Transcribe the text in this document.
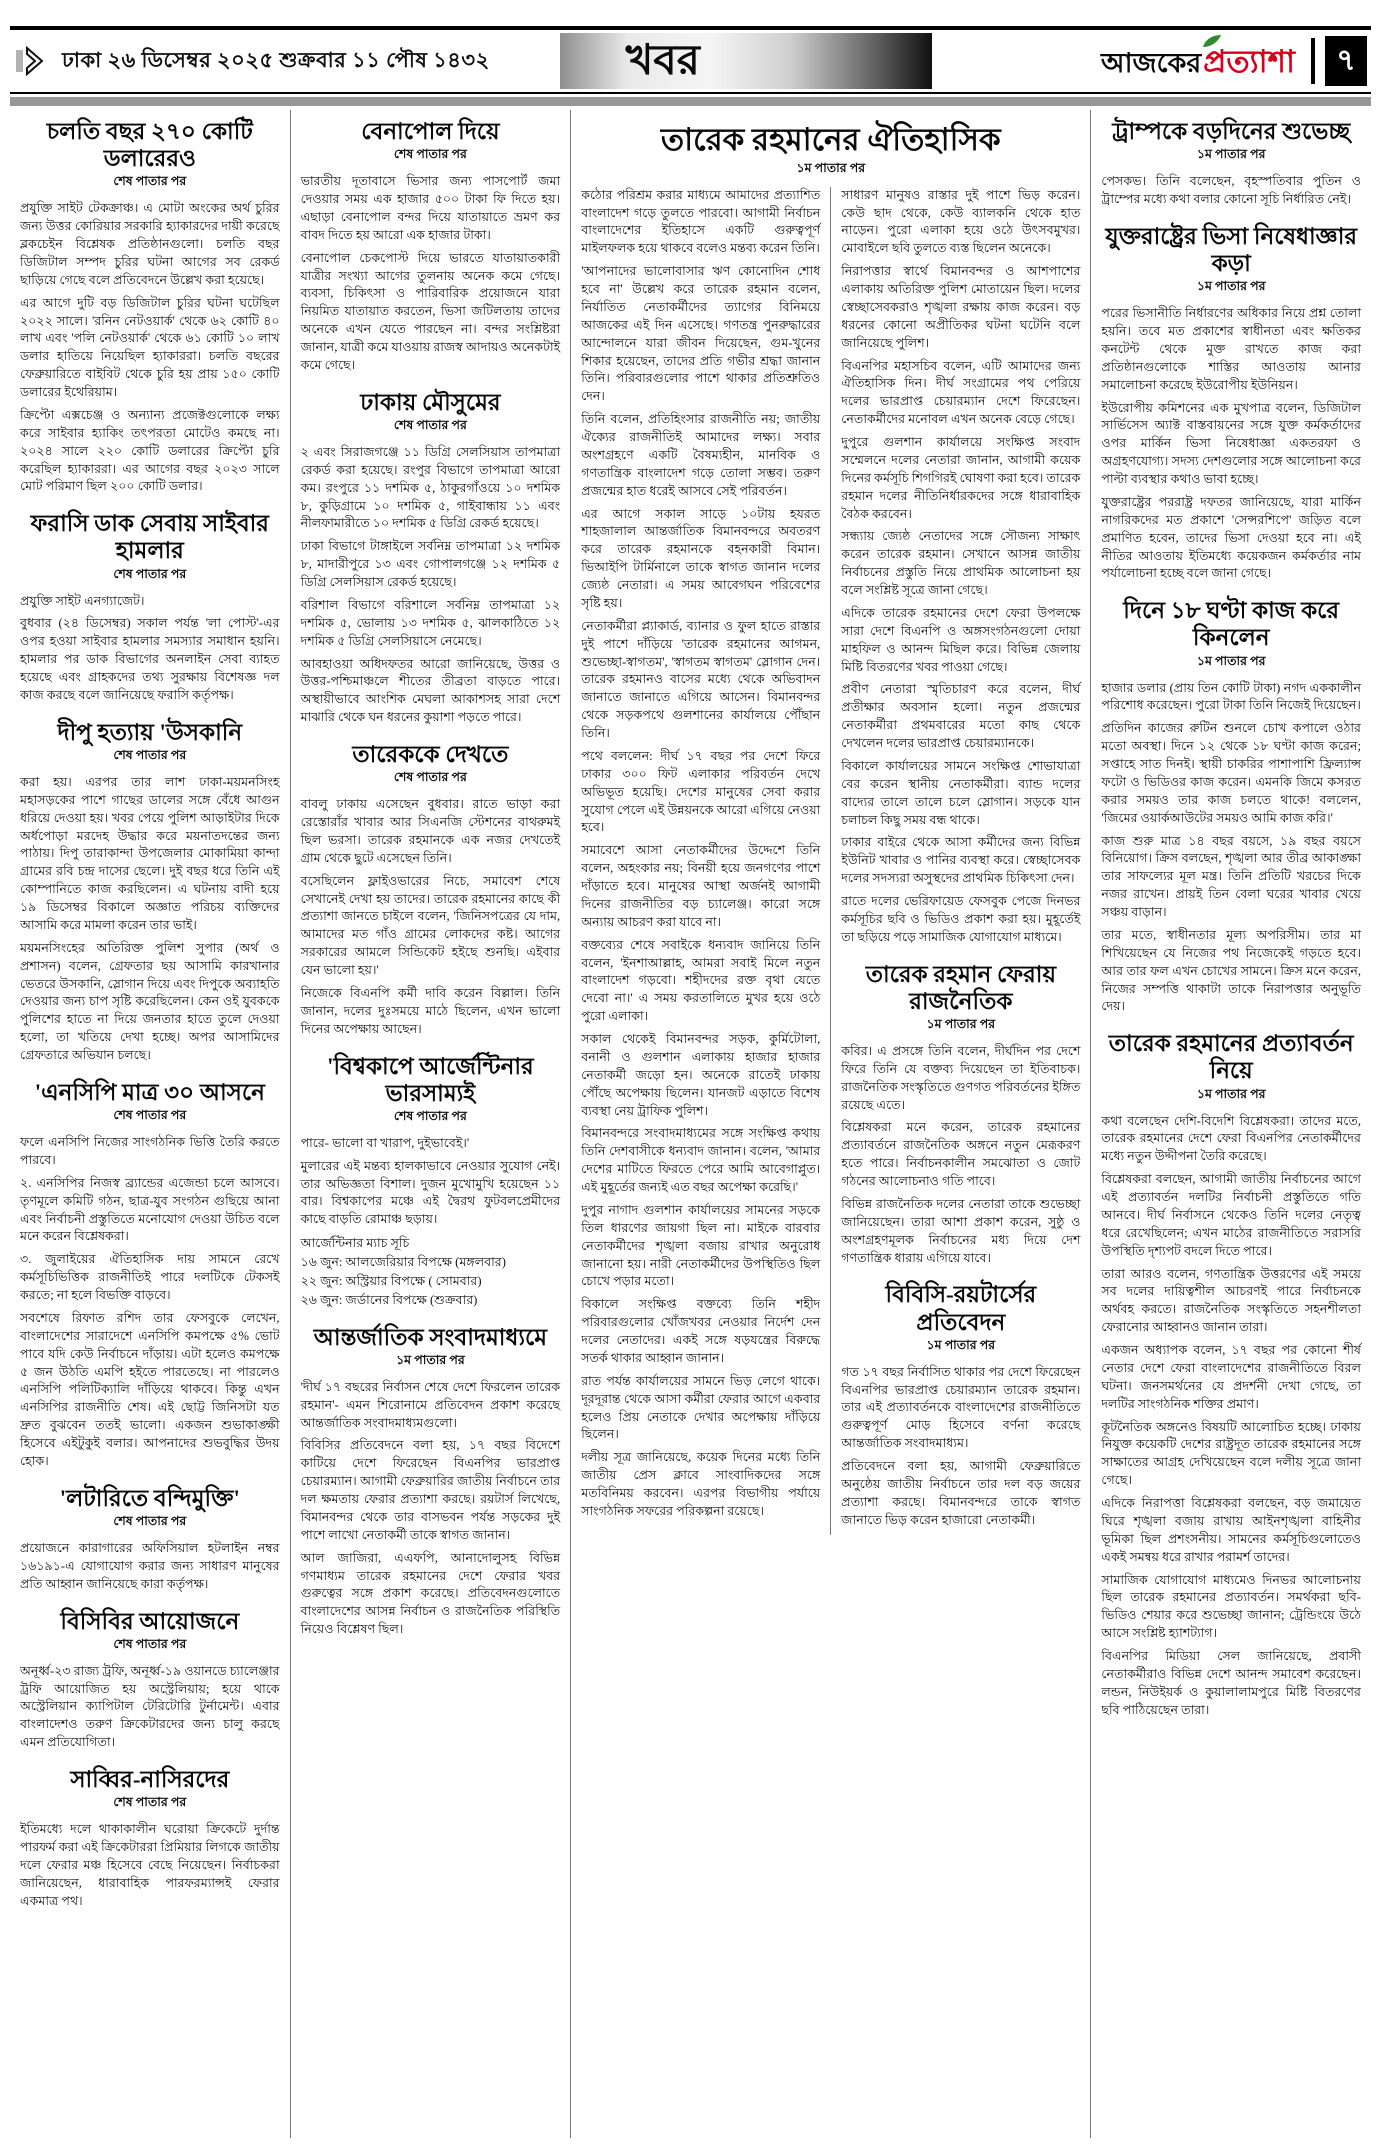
ঢাকা ২৬ ডিসেম্বর ২০২৫ শুক্রবার ১১ পৌষ ১৪৩২	খবর	আজকেরপ্রত্যাশা	৭
চলতি বছর ২৭০ কোটি ডলারেরও
শেষ পাতার পর

প্রযুক্তি সাইট টেকক্রাঞ্চ। এ মোটা অংকের অর্থ চুরির জন্য উত্তর কোরিয়ার সরকারি হ্যাকারদের দায়ী করেছে ব্লকচেইন বিশ্লেষক প্রতিষ্ঠানগুলো। চলতি বছর ডিজিটাল সম্পদ চুরির ঘটনা আগের সব রেকর্ড ছাড়িয়ে গেছে বলে প্রতিবেদনে উল্লেখ করা হয়েছে।

এর আগে দুটি বড় ডিজিটাল চুরির ঘটনা ঘটেছিল ২০২২ সালে। 'রনিন নেটওয়ার্ক' থেকে ৬২ কোটি ৪০ লাখ এবং 'পলি নেটওয়ার্ক' থেকে ৬১ কোটি ১০ লাখ ডলার হাতিয়ে নিয়েছিল হ্যাকাররা। চলতি বছরের ফেব্রুয়ারিতে বাইবিট থেকে চুরি হয় প্রায় ১৫০ কোটি ডলারের ইথেরিয়াম।

ক্রিপ্টো এক্সচেঞ্জ ও অন্যান্য প্রজেক্টগুলোকে লক্ষ্য করে সাইবার হ্যাকিং তৎপরতা মোটেও কমছে না। ২০২৪ সালে ২২০ কোটি ডলারের ক্রিপ্টো চুরি করেছিল হ্যাকাররা। এর আগের বছর ২০২৩ সালে মোট পরিমাণ ছিল ২০০ কোটি ডলার।

ফরাসি ডাক সেবায় সাইবার হামলার
শেষ পাতার পর

প্রযুক্তি সাইট এনগ্যাজেট।

বুধবার (২৪ ডিসেম্বর) সকাল পর্যন্ত 'লা পোস্ট'-এর ওপর হওয়া সাইবার হামলার সমস্যার সমাধান হয়নি। হামলার পর ডাক বিভাগের অনলাইন সেবা ব্যাহত হয়েছে এবং গ্রাহকদের তথ্য সুরক্ষায় বিশেষজ্ঞ দল কাজ করছে বলে জানিয়েছে ফরাসি কর্তৃপক্ষ।

দীপু হত্যায় 'উসকানি
শেষ পাতার পর

করা হয়। এরপর তার লাশ ঢাকা-ময়মনসিংহ মহাসড়কের পাশে গাছের ডালের সঙ্গে বেঁধে আগুন ধরিয়ে দেওয়া হয়। খবর পেয়ে পুলিশ আড়াইটার দিকে অর্ধপোড়া মরদেহ উদ্ধার করে ময়নাতদন্তের জন্য পাঠায়। দিপু তারাকান্দা উপজেলার মোকামিয়া কান্দা গ্রামের রবি চন্দ্র দাসের ছেলে। দুই বছর ধরে তিনি এই কোম্পানিতে কাজ করছিলেন। এ ঘটনায় বাদী হয়ে ১৯ ডিসেম্বর বিকালে অজ্ঞাত পরিচয় ব্যক্তিদের আসামি করে মামলা করেন তার ভাই।

ময়মনসিংহের অতিরিক্ত পুলিশ সুপার (অর্থ ও প্রশাসন) বলেন, গ্রেফতার ছয় আসামি কারখানার ভেতরে উসকানি, স্লোগান দিয়ে এবং দিপুকে অব্যাহতি দেওয়ার জন্য চাপ সৃষ্টি করেছিলেন। কেন ওই যুবককে পুলিশের হাতে না দিয়ে জনতার হাতে তুলে দেওয়া হলো, তা খতিয়ে দেখা হচ্ছে। অপর আসামিদের গ্রেফতারে অভিযান চলছে।

'এনসিপি মাত্র ৩০ আসনে
শেষ পাতার পর

ফলে এনসিপি নিজের সাংগঠনিক ভিত্তি তৈরি করতে পারবে।

২. এনসিপির নিজস্ব ব্র্যান্ডের এজেন্ডা চলে আসবে। তৃণমূলে কমিটি গঠন, ছাত্র-যুব সংগঠন গুছিয়ে আনা এবং নির্বাচনী প্রস্তুতিতে মনোযোগ দেওয়া উচিত বলে মনে করেন বিশ্লেষকরা।

৩. জুলাইয়ের ঐতিহাসিক দায় সামনে রেখে কর্মসূচিভিত্তিক রাজনীতিই পারে দলটিকে টেকসই করতে; না হলে বিভক্তি বাড়বে।

সবশেষে রিফাত রশিদ তার ফেসবুকে লেখেন, বাংলাদেশের সারাদেশে এনসিপি কমপক্ষে ৫% ভোট পাবে যদি কেউ নির্বাচনে দাঁড়ায়। এটা হলেও কমপক্ষে ৫ জন উঠতি এমপি হইতে পারতেছে। না পারলেও এনসিপি পলিটিক্যালি দাঁড়িয়ে থাকবে। কিন্তু এখন এনসিপির রাজনীতি শেষ। এই ছোট্ট জিনিসটা যত দ্রুত বুঝবেন ততই ভালো। একজন শুভাকাঙ্ক্ষী হিসেবে এইটুকুই বলার। আপনাদের শুভবুদ্ধির উদয় হোক।

'লটারিতে বন্দিমুক্তি'
শেষ পাতার পর

প্রয়োজনে কারাগারের অফিসিয়াল হটলাইন নম্বর ১৬১৯১-এ যোগাযোগ করার জন্য সাধারণ মানুষের প্রতি আহ্বান জানিয়েছে কারা কর্তৃপক্ষ।

বিসিবির আয়োজনে
শেষ পাতার পর

অনূর্ধ্ব-২৩ রাজ্য ট্রফি, অনূর্ধ্ব-১৯ ওয়ানডে চ্যালেঞ্জার ট্রফি আয়োজিত হয় অস্ট্রেলিয়ায়; হয়ে থাকে অস্ট্রেলিয়ান ক্যাপিটাল টেরিটোরি টুর্নামেন্ট। এবার বাংলাদেশও তরুণ ক্রিকেটারদের জন্য চালু করছে এমন প্রতিযোগিতা।

সাব্বির-নাসিরদের
শেষ পাতার পর

ইতিমধ্যে দলে থাকাকালীন ঘরোয়া ক্রিকেটে দুর্দান্ত পারফর্ম করা এই ক্রিকেটাররা প্রিমিয়ার লিগকে জাতীয় দলে ফেরার মঞ্চ হিসেবে বেছে নিয়েছেন। নির্বাচকরা জানিয়েছেন, ধারাবাহিক পারফরম্যান্সই ফেরার একমাত্র পথ।

বেনাপোল দিয়ে
শেষ পাতার পর

ভারতীয় দূতাবাসে ভিসার জন্য পাসপোর্ট জমা দেওয়ার সময় এক হাজার ৫০০ টাকা ফি দিতে হয়। এছাড়া বেনাপোল বন্দর দিয়ে যাতায়াতে ভ্রমণ কর বাবদ দিতে হয় আরো এক হাজার টাকা।

বেনাপোল চেকপোস্ট দিয়ে ভারতে যাতায়াতকারী যাত্রীর সংখ্যা আগের তুলনায় অনেক কমে গেছে। ব্যবসা, চিকিৎসা ও পারিবারিক প্রয়োজনে যারা নিয়মিত যাতায়াত করতেন, ভিসা জটিলতায় তাদের অনেকে এখন যেতে পারছেন না। বন্দর সংশ্লিষ্টরা জানান, যাত্রী কমে যাওয়ায় রাজস্ব আদায়ও অনেকটাই কমে গেছে।

ঢাকায় মৌসুমের
শেষ পাতার পর

২ এবং সিরাজগঞ্জে ১১ ডিগ্রি সেলসিয়াস তাপমাত্রা রেকর্ড করা হয়েছে। রংপুর বিভাগে তাপমাত্রা আরো কম। রংপুরে ১১ দশমিক ৫, ঠাকুরগাঁওয়ে ১০ দশমিক ৮, কুড়িগ্রামে ১০ দশমিক ৫, গাইবান্ধায় ১১ এবং নীলফামারীতে ১০ দশমিক ৫ ডিগ্রি রেকর্ড হয়েছে।

ঢাকা বিভাগে টাঙ্গাইলে সর্বনিম্ন তাপমাত্রা ১২ দশমিক ৮, মাদারীপুরে ১৩ এবং গোপালগঞ্জে ১২ দশমিক ৫ ডিগ্রি সেলসিয়াস রেকর্ড হয়েছে।

বরিশাল বিভাগে বরিশালে সর্বনিম্ন তাপমাত্রা ১২ দশমিক ৫, ভোলায় ১৩ দশমিক ৫, ঝালকাঠিতে ১২ দশমিক ৫ ডিগ্রি সেলসিয়াসে নেমেছে।

আবহাওয়া অধিদফতর আরো জানিয়েছে, উত্তর ও উত্তর-পশ্চিমাঞ্চলে শীতের তীব্রতা বাড়তে পারে। অস্থায়ীভাবে আংশিক মেঘলা আকাশসহ সারা দেশে মাঝারি থেকে ঘন ধরনের কুয়াশা পড়তে পারে।

তারেককে দেখতে
শেষ পাতার পর

বাবলু ঢাকায় এসেছেন বুধবার। রাতে ভাড়া করা রেস্তোরাঁর খাবার আর সিএনজি স্টেশনের বাথরুমই ছিল ভরসা। তারেক রহমানকে এক নজর দেখতেই গ্রাম থেকে ছুটে এসেছেন তিনি।

বসেছিলেন ফ্লাইওভারের নিচে, সমাবেশ শেষে সেখানেই দেখা হয় তাদের। তারেক রহমানের কাছে কী প্রত্যাশা জানতে চাইলে বলেন, 'জিনিসপত্রের যে দাম, আমাদের মত গাঁও গ্রামের লোকদের কষ্ট। আগের সরকারের আমলে সিন্ডিকেট হইছে শুনছি। এইবার যেন ভালো হয়।'

নিজেকে বিএনপি কর্মী দাবি করেন বিল্লাল। তিনি জানান, দলের দুঃসময়ে মাঠে ছিলেন, এখন ভালো দিনের অপেক্ষায় আছেন।

'বিশ্বকাপে আর্জেন্টিনার ভারসাম্যই
শেষ পাতার পর

পারে- ভালো বা খারাপ, দুইভাবেই।'

মুলারের এই মন্তব্য হালকাভাবে নেওয়ার সুযোগ নেই। তার অভিজ্ঞতা বিশাল। দুজন মুখোমুখি হয়েছেন ১১ বার। বিশ্বকাপের মঞ্চে এই দ্বৈরথ ফুটবলপ্রেমীদের কাছে বাড়তি রোমাঞ্চ ছড়ায়।

আর্জেন্টিনার ম্যাচ সূচি
১৬ জুন: আলজেরিয়ার বিপক্ষে (মঙ্গলবার)
২২ জুন: অস্ট্রিয়ার বিপক্ষে ( সোমবার)
২৬ জুন: জর্ডানের বিপক্ষে (শুক্রবার)
আন্তর্জাতিক সংবাদমাধ্যমে
১ম পাতার পর

'দীর্ঘ ১৭ বছরের নির্বাসন শেষে দেশে ফিরলেন তারেক রহমান'- এমন শিরোনামে প্রতিবেদন প্রকাশ করেছে আন্তর্জাতিক সংবাদমাধ্যমগুলো।

বিবিসির প্রতিবেদনে বলা হয়, ১৭ বছর বিদেশে কাটিয়ে দেশে ফিরেছেন বিএনপির ভারপ্রাপ্ত চেয়ারম্যান। আগামী ফেব্রুয়ারির জাতীয় নির্বাচনে তার দল ক্ষমতায় ফেরার প্রত্যাশা করছে। রয়টার্স লিখেছে, বিমানবন্দর থেকে তার বাসভবন পর্যন্ত সড়কের দুই পাশে লাখো নেতাকর্মী তাকে স্বাগত জানান।

আল জাজিরা, এএফপি, আনাদোলুসহ বিভিন্ন গণমাধ্যম তারেক রহমানের দেশে ফেরার খবর গুরুত্বের সঙ্গে প্রকাশ করেছে। প্রতিবেদনগুলোতে বাংলাদেশের আসন্ন নির্বাচন ও রাজনৈতিক পরিস্থিতি নিয়েও বিশ্লেষণ ছিল।

তারেক রহমানের ঐতিহাসিক
১ম পাতার পর

কঠোর পরিশ্রম করার মাধ্যমে আমাদের প্রত্যাশিত বাংলাদেশ গড়ে তুলতে পারবো। আগামী নির্বাচন বাংলাদেশের ইতিহাসে একটি গুরুত্বপূর্ণ মাইলফলক হয়ে থাকবে বলেও মন্তব্য করেন তিনি।

'আপনাদের ভালোবাসার ঋণ কোনোদিন শোধ হবে না' উল্লেখ করে তারেক রহমান বলেন, নির্যাতিত নেতাকর্মীদের ত্যাগের বিনিময়ে আজকের এই দিন এসেছে। গণতন্ত্র পুনরুদ্ধারের আন্দোলনে যারা জীবন দিয়েছেন, গুম-খুনের শিকার হয়েছেন, তাদের প্রতি গভীর শ্রদ্ধা জানান তিনি। পরিবারগুলোর পাশে থাকার প্রতিশ্রুতিও দেন।

তিনি বলেন, প্রতিহিংসার রাজনীতি নয়; জাতীয় ঐক্যের রাজনীতিই আমাদের লক্ষ্য। সবার অংশগ্রহণে একটি বৈষম্যহীন, মানবিক ও গণতান্ত্রিক বাংলাদেশ গড়ে তোলা সম্ভব। তরুণ প্রজন্মের হাত ধরেই আসবে সেই পরিবর্তন।

এর আগে সকাল সাড়ে ১০টায় হযরত শাহজালাল আন্তর্জাতিক বিমানবন্দরে অবতরণ করে তারেক রহমানকে বহনকারী বিমান। ভিআইপি টার্মিনালে তাকে স্বাগত জানান দলের জ্যেষ্ঠ নেতারা। এ সময় আবেগঘন পরিবেশের সৃষ্টি হয়।

নেতাকর্মীরা প্ল্যাকার্ড, ব্যানার ও ফুল হাতে রাস্তার দুই পাশে দাঁড়িয়ে 'তারেক রহমানের আগমন, শুভেচ্ছা-স্বাগতম', 'স্বাগতম স্বাগতম' স্লোগান দেন। তারেক রহমানও বাসের মধ্যে থেকে অভিবাদন জানাতে জানাতে এগিয়ে আসেন। বিমানবন্দর থেকে সড়কপথে গুলশানের কার্যালয়ে পৌঁছান তিনি।

পথে বললেন: দীর্ঘ ১৭ বছর পর দেশে ফিরে ঢাকার ৩০০ ফিট এলাকার পরিবর্তন দেখে অভিভূত হয়েছি। দেশের মানুষের সেবা করার সুযোগ পেলে এই উন্নয়নকে আরো এগিয়ে নেওয়া হবে।

সমাবেশে আসা নেতাকর্মীদের উদ্দেশে তিনি বলেন, অহংকার নয়; বিনয়ী হয়ে জনগণের পাশে দাঁড়াতে হবে। মানুষের আস্থা অর্জনই আগামী দিনের রাজনীতির বড় চ্যালেঞ্জ। কারো সঙ্গে অন্যায় আচরণ করা যাবে না।

বক্তব্যের শেষে সবাইকে ধন্যবাদ জানিয়ে তিনি বলেন, 'ইনশাআল্লাহ, আমরা সবাই মিলে নতুন বাংলাদেশ গড়বো। শহীদদের রক্ত বৃথা যেতে দেবো না।' এ সময় করতালিতে মুখর হয়ে ওঠে পুরো এলাকা।

সকাল থেকেই বিমানবন্দর সড়ক, কুর্মিটোলা, বনানী ও গুলশান এলাকায় হাজার হাজার নেতাকর্মী জড়ো হন। অনেকে রাতেই ঢাকায় পৌঁছে অপেক্ষায় ছিলেন। যানজট এড়াতে বিশেষ ব্যবস্থা নেয় ট্রাফিক পুলিশ।

বিমানবন্দরে সংবাদমাধ্যমের সঙ্গে সংক্ষিপ্ত কথায় তিনি দেশবাসীকে ধন্যবাদ জানান। বলেন, 'আমার দেশের মাটিতে ফিরতে পেরে আমি আবেগাপ্লুত। এই মুহূর্তের জন্যই এত বছর অপেক্ষা করেছি।'

দুপুর নাগাদ গুলশান কার্যালয়ের সামনের সড়কে তিল ধারণের জায়গা ছিল না। মাইকে বারবার নেতাকর্মীদের শৃঙ্খলা বজায় রাখার অনুরোধ জানানো হয়। নারী নেতাকর্মীদের উপস্থিতিও ছিল চোখে পড়ার মতো।

বিকালে সংক্ষিপ্ত বক্তব্যে তিনি শহীদ পরিবারগুলোর খোঁজখবর নেওয়ার নির্দেশ দেন দলের নেতাদের। একই সঙ্গে ষড়যন্ত্রের বিরুদ্ধে সতর্ক থাকার আহ্বান জানান।

রাত পর্যন্ত কার্যালয়ের সামনে ভিড় লেগে থাকে। দূরদূরান্ত থেকে আসা কর্মীরা ফেরার আগে একবার হলেও প্রিয় নেতাকে দেখার অপেক্ষায় দাঁড়িয়ে ছিলেন।

দলীয় সূত্র জানিয়েছে, কয়েক দিনের মধ্যে তিনি জাতীয় প্রেস ক্লাবে সাংবাদিকদের সঙ্গে মতবিনিময় করবেন। এরপর বিভাগীয় পর্যায়ে সাংগঠনিক সফরের পরিকল্পনা রয়েছে।

সাধারণ মানুষও রাস্তার দুই পাশে ভিড় করেন। কেউ ছাদ থেকে, কেউ ব্যালকনি থেকে হাত নাড়েন। পুরো এলাকা হয়ে ওঠে উৎসবমুখর। মোবাইলে ছবি তুলতে ব্যস্ত ছিলেন অনেকে।

নিরাপত্তার স্বার্থে বিমানবন্দর ও আশপাশের এলাকায় অতিরিক্ত পুলিশ মোতায়েন ছিল। দলের স্বেচ্ছাসেবকরাও শৃঙ্খলা রক্ষায় কাজ করেন। বড় ধরনের কোনো অপ্রীতিকর ঘটনা ঘটেনি বলে জানিয়েছে পুলিশ।

বিএনপির মহাসচিব বলেন, এটি আমাদের জন্য ঐতিহাসিক দিন। দীর্ঘ সংগ্রামের পথ পেরিয়ে দলের ভারপ্রাপ্ত চেয়ারম্যান দেশে ফিরেছেন। নেতাকর্মীদের মনোবল এখন অনেক বেড়ে গেছে।

দুপুরে গুলশান কার্যালয়ে সংক্ষিপ্ত সংবাদ সম্মেলনে দলের নেতারা জানান, আগামী কয়েক দিনের কর্মসূচি শিগগিরই ঘোষণা করা হবে। তারেক রহমান দলের নীতিনির্ধারকদের সঙ্গে ধারাবাহিক বৈঠক করবেন।

সন্ধ্যায় জ্যেষ্ঠ নেতাদের সঙ্গে সৌজন্য সাক্ষাৎ করেন তারেক রহমান। সেখানে আসন্ন জাতীয় নির্বাচনের প্রস্তুতি নিয়ে প্রাথমিক আলোচনা হয় বলে সংশ্লিষ্ট সূত্রে জানা গেছে।

এদিকে তারেক রহমানের দেশে ফেরা উপলক্ষে সারা দেশে বিএনপি ও অঙ্গসংগঠনগুলো দোয়া মাহফিল ও আনন্দ মিছিল করে। বিভিন্ন জেলায় মিষ্টি বিতরণের খবর পাওয়া গেছে।

প্রবীণ নেতারা স্মৃতিচারণ করে বলেন, দীর্ঘ প্রতীক্ষার অবসান হলো। নতুন প্রজন্মের নেতাকর্মীরা প্রথমবারের মতো কাছ থেকে দেখলেন দলের ভারপ্রাপ্ত চেয়ারম্যানকে।

বিকালে কার্যালয়ের সামনে সংক্ষিপ্ত শোভাযাত্রা বের করেন স্থানীয় নেতাকর্মীরা। ব্যান্ড দলের বাদ্যের তালে তালে চলে স্লোগান। সড়কে যান চলাচল কিছু সময় বন্ধ থাকে।

ঢাকার বাইরে থেকে আসা কর্মীদের জন্য বিভিন্ন ইউনিট খাবার ও পানির ব্যবস্থা করে। স্বেচ্ছাসেবক দলের সদস্যরা অসুস্থদের প্রাথমিক চিকিৎসা দেন।

রাতে দলের ভেরিফায়েড ফেসবুক পেজে দিনভর কর্মসূচির ছবি ও ভিডিও প্রকাশ করা হয়। মুহূর্তেই তা ছড়িয়ে পড়ে সামাজিক যোগাযোগ মাধ্যমে।

তারেক রহমান ফেরায় রাজনৈতিক
১ম পাতার পর

কবির। এ প্রসঙ্গে তিনি বলেন, দীর্ঘদিন পর দেশে ফিরে তিনি যে বক্তব্য দিয়েছেন তা ইতিবাচক। রাজনৈতিক সংস্কৃতিতে গুণগত পরিবর্তনের ইঙ্গিত রয়েছে এতে।

বিশ্লেষকরা মনে করেন, তারেক রহমানের প্রত্যাবর্তনে রাজনৈতিক অঙ্গনে নতুন মেরূকরণ হতে পারে। নির্বাচনকালীন সমঝোতা ও জোট গঠনের আলোচনাও গতি পাবে।

বিভিন্ন রাজনৈতিক দলের নেতারা তাকে শুভেচ্ছা জানিয়েছেন। তারা আশা প্রকাশ করেন, সুষ্ঠু ও অংশগ্রহণমূলক নির্বাচনের মধ্য দিয়ে দেশ গণতান্ত্রিক ধারায় এগিয়ে যাবে।

বিবিসি-রয়টার্সের প্রতিবেদন
১ম পাতার পর

গত ১৭ বছর নির্বাসিত থাকার পর দেশে ফিরেছেন বিএনপির ভারপ্রাপ্ত চেয়ারম্যান তারেক রহমান। তার এই প্রত্যাবর্তনকে বাংলাদেশের রাজনীতিতে গুরুত্বপূর্ণ মোড় হিসেবে বর্ণনা করেছে আন্তর্জাতিক সংবাদমাধ্যম।

প্রতিবেদনে বলা হয়, আগামী ফেব্রুয়ারিতে অনুষ্ঠেয় জাতীয় নির্বাচনে তার দল বড় জয়ের প্রত্যাশা করছে। বিমানবন্দরে তাকে স্বাগত জানাতে ভিড় করেন হাজারো নেতাকর্মী।

ট্রাম্পকে বড়দিনের শুভেচ্ছ
১ম পাতার পর

পেসকভ। তিনি বলেছেন, বৃহস্পতিবার পুতিন ও ট্রাম্পের মধ্যে কথা বলার কোনো সূচি নির্ধারিত নেই।

যুক্তরাষ্ট্রের ভিসা নিষেধাজ্ঞার কড়া
১ম পাতার পর

পরের ভিসানীতি নির্ধারণের অধিকার নিয়ে প্রশ্ন তোলা হয়নি। তবে মত প্রকাশের স্বাধীনতা এবং ক্ষতিকর কনটেন্ট থেকে মুক্ত রাখতে কাজ করা প্রতিষ্ঠানগুলোকে শাস্তির আওতায় আনার সমালোচনা করেছে ইউরোপীয় ইউনিয়ন।

ইউরোপীয় কমিশনের এক মুখপাত্র বলেন, ডিজিটাল সার্ভিসেস অ্যাক্ট বাস্তবায়নের সঙ্গে যুক্ত কর্মকর্তাদের ওপর মার্কিন ভিসা নিষেধাজ্ঞা একতরফা ও অগ্রহণযোগ্য। সদস্য দেশগুলোর সঙ্গে আলোচনা করে পাল্টা ব্যবস্থার কথাও ভাবা হচ্ছে।

যুক্তরাষ্ট্রের পররাষ্ট্র দফতর জানিয়েছে, যারা মার্কিন নাগরিকদের মত প্রকাশে 'সেন্সরশিপে' জড়িত বলে প্রমাণিত হবেন, তাদের ভিসা দেওয়া হবে না। এই নীতির আওতায় ইতিমধ্যে কয়েকজন কর্মকর্তার নাম পর্যালোচনা হচ্ছে বলে জানা গেছে।

দিনে ১৮ ঘণ্টা কাজ করে কিনলেন
১ম পাতার পর

হাজার ডলার (প্রায় তিন কোটি টাকা) নগদ এককালীন পরিশোধ করেছেন। পুরো টাকা তিনি নিজেই দিয়েছেন।

প্রতিদিন কাজের রুটিন শুনলে চোখ কপালে ওঠার মতো অবস্থা। দিনে ১২ থেকে ১৮ ঘণ্টা কাজ করেন; সপ্তাহে সাত দিনই। স্থায়ী চাকরির পাশাপাশি ফ্রিল্যান্স ফটো ও ভিডিওর কাজ করেন। এমনকি জিমে কসরত করার সময়ও তার কাজ চলতে থাকে! বললেন, 'জিমের ওয়ার্কআউটের সময়ও আমি কাজ করি।'

কাজ শুরু মাত্র ১৪ বছর বয়সে, ১৯ বছর বয়সে বিনিয়োগ। ক্রিস বলছেন, শৃঙ্খলা আর তীব্র আকাঙ্ক্ষা তার সাফল্যের মূল মন্ত্র। তিনি প্রতিটি খরচের দিকে নজর রাখেন। প্রায়ই তিন বেলা ঘরের খাবার খেয়ে সঞ্চয় বাড়ান।

তার মতে, স্বাধীনতার মূল্য অপরিসীম। তার মা শিখিয়েছেন যে নিজের পথ নিজেকেই গড়তে হবে। আর তার ফল এখন চোখের সামনে। ক্রিস মনে করেন, নিজের সম্পত্তি থাকাটা তাকে নিরাপত্তার অনুভূতি দেয়।

তারেক রহমানের প্রত্যাবর্তন নিয়ে
১ম পাতার পর

কথা বলেছেন দেশি-বিদেশি বিশ্লেষকরা। তাদের মতে, তারেক রহমানের দেশে ফেরা বিএনপির নেতাকর্মীদের মধ্যে নতুন উদ্দীপনা তৈরি করেছে।

বিশ্লেষকরা বলছেন, আগামী জাতীয় নির্বাচনের আগে এই প্রত্যাবর্তন দলটির নির্বাচনী প্রস্তুতিতে গতি আনবে। দীর্ঘ নির্বাসনে থেকেও তিনি দলের নেতৃত্ব ধরে রেখেছিলেন; এখন মাঠের রাজনীতিতে সরাসরি উপস্থিতি দৃশ্যপট বদলে দিতে পারে।

তারা আরও বলেন, গণতান্ত্রিক উত্তরণের এই সময়ে সব দলের দায়িত্বশীল আচরণই পারে নির্বাচনকে অর্থবহ করতে। রাজনৈতিক সংস্কৃতিতে সহনশীলতা ফেরানোর আহ্বানও জানান তারা।

একজন অধ্যাপক বলেন, ১৭ বছর পর কোনো শীর্ষ নেতার দেশে ফেরা বাংলাদেশের রাজনীতিতে বিরল ঘটনা। জনসমর্থনের যে প্রদর্শনী দেখা গেছে, তা দলটির সাংগঠনিক শক্তির প্রমাণ।

কূটনৈতিক অঙ্গনেও বিষয়টি আলোচিত হচ্ছে। ঢাকায় নিযুক্ত কয়েকটি দেশের রাষ্ট্রদূত তারেক রহমানের সঙ্গে সাক্ষাতের আগ্রহ দেখিয়েছেন বলে দলীয় সূত্রে জানা গেছে।

এদিকে নিরাপত্তা বিশ্লেষকরা বলছেন, বড় জমায়েত ঘিরে শৃঙ্খলা বজায় রাখায় আইনশৃঙ্খলা বাহিনীর ভূমিকা ছিল প্রশংসনীয়। সামনের কর্মসূচিগুলোতেও একই সমন্বয় ধরে রাখার পরামর্শ তাদের।

সামাজিক যোগাযোগ মাধ্যমেও দিনভর আলোচনায় ছিল তারেক রহমানের প্রত্যাবর্তন। সমর্থকরা ছবি-ভিডিও শেয়ার করে শুভেচ্ছা জানান; ট্রেন্ডিংয়ে উঠে আসে সংশ্লিষ্ট হ্যাশট্যাগ।

বিএনপির মিডিয়া সেল জানিয়েছে, প্রবাসী নেতাকর্মীরাও বিভিন্ন দেশে আনন্দ সমাবেশ করেছেন। লন্ডন, নিউইয়র্ক ও কুয়ালালামপুরে মিষ্টি বিতরণের ছবি পাঠিয়েছেন তারা।
